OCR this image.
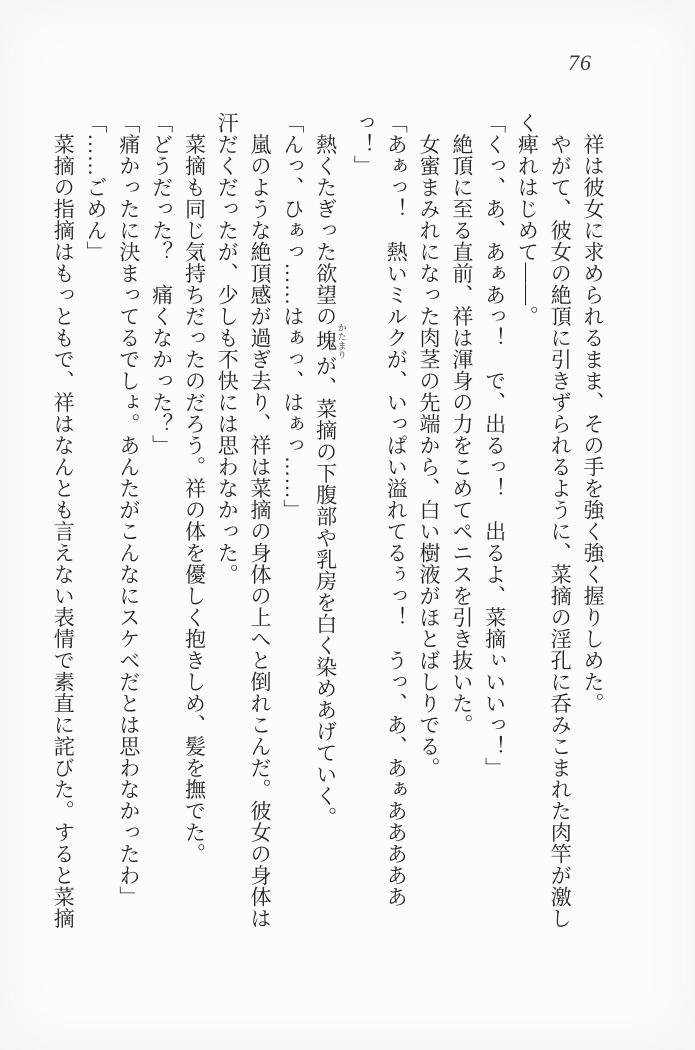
76

　祥は彼女に求められるまま、その手を強く強く握りしめた。

　やがて、彼女の絶頂に引きずられるように、菜摘の淫孔に呑みこまれた肉竿が激し

く痺れはじめて――。

「くっ、あ、あぁあっ！　で、出るっ！　出るよ、菜摘ぃいいっ！」

　絶頂に至る直前、祥は渾身の力をこめてペニスを引き抜いた。

　女蜜まみれになった肉茎の先端から、白い樹液がほとばしりでる。

「あぁっ！　熱いミルクが、いっぱい溢れてるぅっ！　うっ、あ、あぁあああああ

っ！」

　熱くたぎった欲望の塊 かたまりが、菜摘の下腹部や乳房を白く染めあげていく。

「んっ、ひぁっ……はぁっ、はぁっ……」

　嵐のような絶頂感が過ぎ去り、祥は菜摘の身体の上へと倒れこんだ。彼女の身体は

汗だくだったが、少しも不快には思わなかった。

　菜摘も同じ気持ちだったのだろう。祥の体を優しく抱きしめ、髪を撫でた。

「どうだった？　痛くなかった？」

「痛かったに決まってるでしょ。あんたがこんなにスケベだとは思わなかったわ」

「……ごめん」

　菜摘の指摘はもっともで、祥はなんとも言えない表情で素直に詫びた。すると菜摘
